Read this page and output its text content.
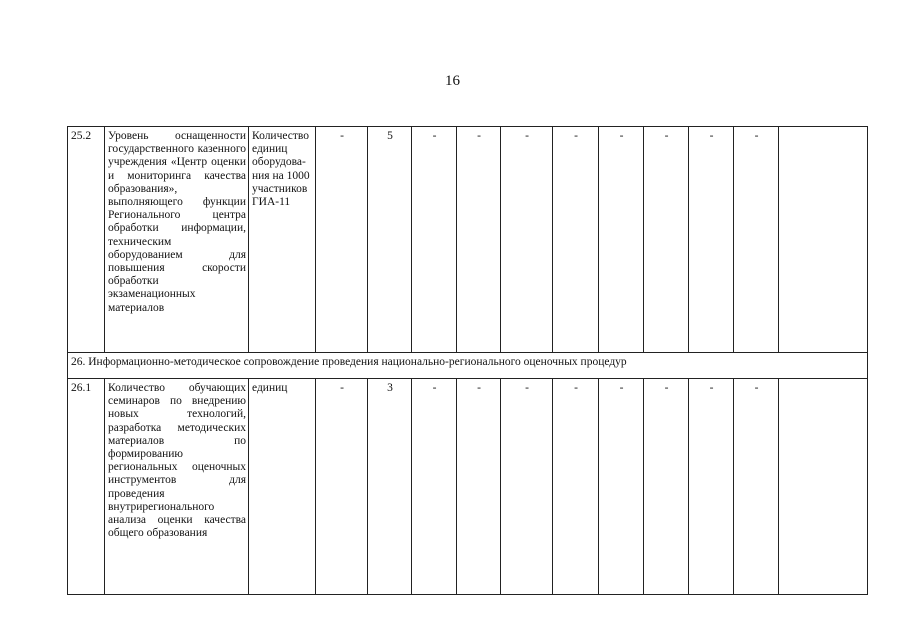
16
25.2	Уровень оснащенности государственного казенного учреждения «Центр оценки и мониторинга качества образования», выполняющего функции Регионального центра обработки информации, техническим оборудованием для повышения скорости обработки экзаменационных материалов	Количество единиц оборудова-ния на 1000 участников ГИА-11	-	5	-	-	-	-	-	-	-	-	
26. Информационно-методическое сопровождение проведения национально-регионального оценочных процедур													
26.1	Количество обучающих семинаров по внедрению новых технологий, разработка методических материалов по формированию региональных оценочных инструментов для проведения внутрирегионального анализа оценки качества общего образования	единиц	-	3	-	-	-	-	-	-	-	-	
